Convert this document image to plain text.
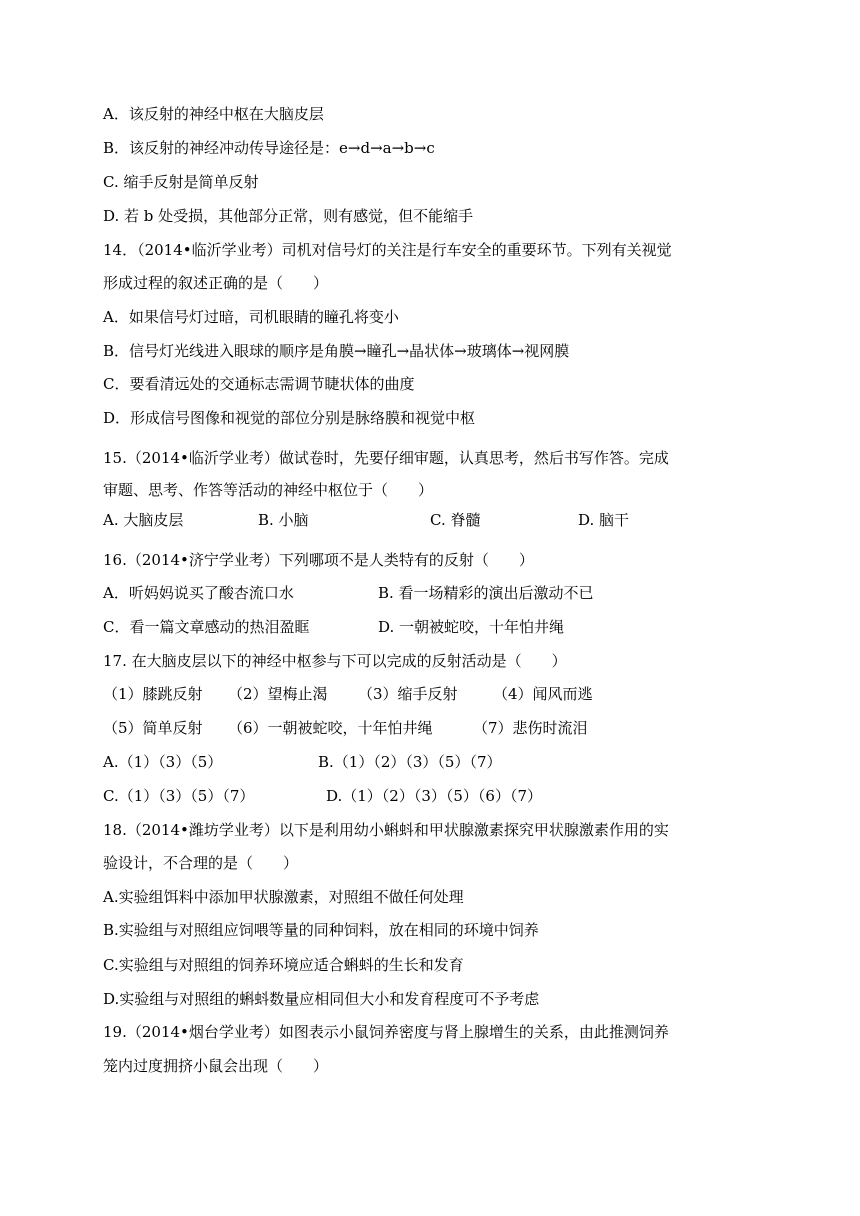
A．该反射的神经中枢在大脑皮层
B．该反射的神经冲动传导途径是：e→d→a→b→c
C. 缩手反射是简单反射
D. 若 b 处受损，其他部分正常，则有感觉，但不能缩手
14．（2014•临沂学业考）司机对信号灯的关注是行车安全的重要环节。下列有关视觉
形成过程的叙述正确的是（　　）
A．如果信号灯过暗，司机眼睛的瞳孔将变小
B．信号灯光线进入眼球的顺序是角膜→瞳孔→晶状体→玻璃体→视网膜
C．要看清远处的交通标志需调节睫状体的曲度
D．形成信号图像和视觉的部位分别是脉络膜和视觉中枢
15.（2014•临沂学业考）做试卷时，先要仔细审题，认真思考，然后书写作答。完成
审题、思考、作答等活动的神经中枢位于（　　）
A. 大脑皮层	B. 小脑	C. 脊髓	D. 脑干
16.（2014•济宁学业考）下列哪项不是人类特有的反射（　　）
A．听妈妈说买了酸杏流口水	B. 看一场精彩的演出后激动不已
C．看一篇文章感动的热泪盈眶	D. 一朝被蛇咬，十年怕井绳
17. 在大脑皮层以下的神经中枢参与下可以完成的反射活动是（　　）
（1）膝跳反射 （2）望梅止渴 （3）缩手反射 （4）闻风而逃
（5）简单反射 （6）一朝被蛇咬，十年怕井绳	（7）悲伤时流泪
A.（1）（3）（5）	B.（1）（2）（3）（5）（7）
C.（1）（3）（5）（7）	D.（1）（2）（3）（5）（6）（7）
18.（2014•潍坊学业考）以下是利用幼小蝌蚪和甲状腺激素探究甲状腺激素作用的实
验设计，不合理的是（　　）
A.实验组饵料中添加甲状腺激素，对照组不做任何处理
B.实验组与对照组应饲喂等量的同种饲料，放在相同的环境中饲养
C.实验组与对照组的饲养环境应适合蝌蚪的生长和发育
D.实验组与对照组的蝌蚪数量应相同但大小和发育程度可不予考虑
19.（2014•烟台学业考）如图表示小鼠饲养密度与肾上腺增生的关系，由此推测饲养
笼内过度拥挤小鼠会出现（　　）
